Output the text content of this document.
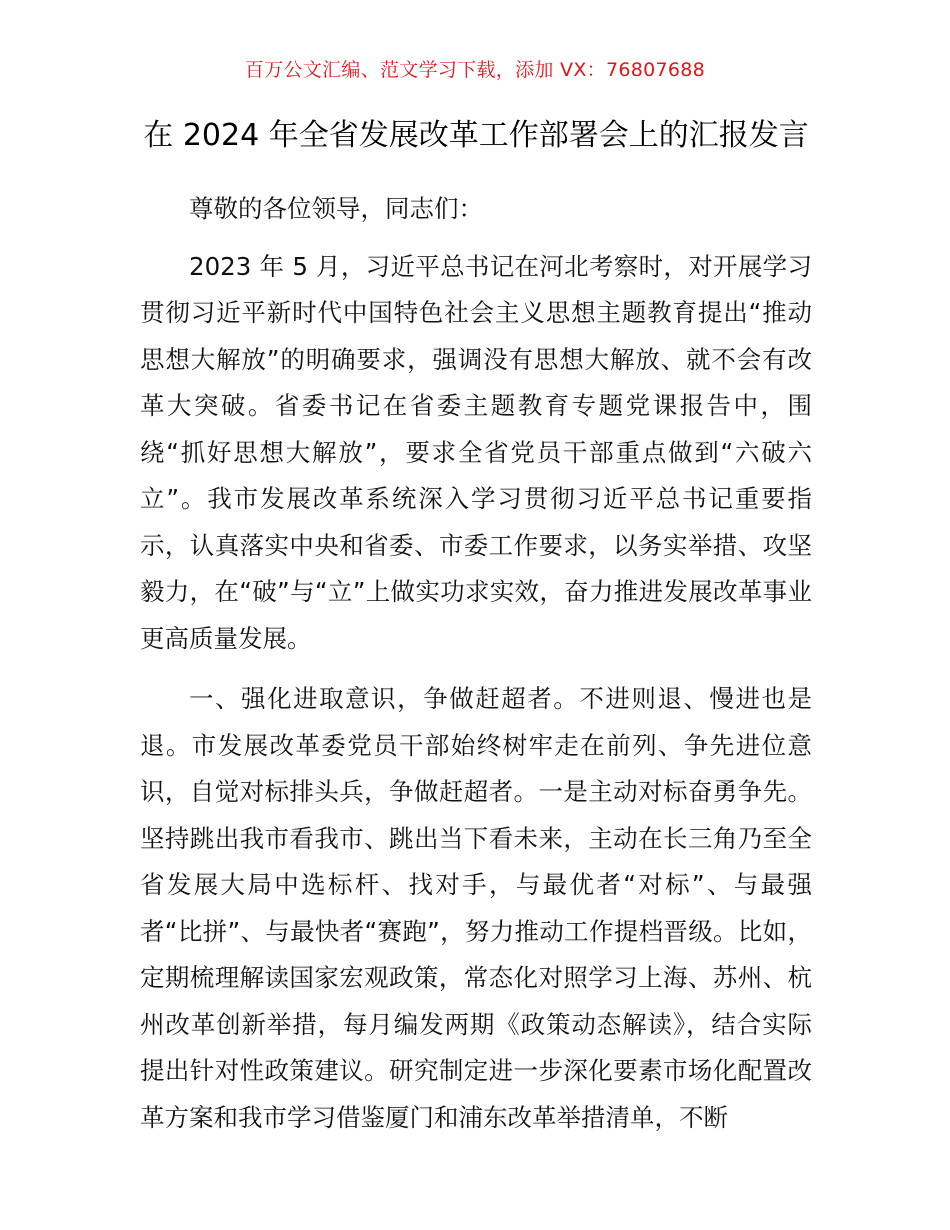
百万公文汇编、范文学习下载，添加 VX：76807688
在 2024 年全省发展改革工作部署会上的汇报发言

尊敬的各位领导，同志们：

2023 年 5 月，习近平总书记在河北考察时，对开展学习贯彻习近平新时代中国特色社会主义思想主题教育提出“推动思想大解放”的明确要求，强调没有思想大解放、就不会有改革大突破。省委书记在省委主题教育专题党课报告中，围绕“抓好思想大解放”，要求全省党员干部重点做到“六破六立”。我市发展改革系统深入学习贯彻习近平总书记重要指示，认真落实中央和省委、市委工作要求，以务实举措、攻坚毅力，在“破”与“立”上做实功求实效，奋力推进发展改革事业更高质量发展。

一、强化进取意识，争做赶超者。不进则退、慢进也是退。市发展改革委党员干部始终树牢走在前列、争先进位意识，自觉对标排头兵，争做赶超者。一是主动对标奋勇争先。坚持跳出我市看我市、跳出当下看未来，主动在长三角乃至全省发展大局中选标杆、找对手，与最优者“对标”、与最强者“比拼”、与最快者“赛跑”，努力推动工作提档晋级。比如，定期梳理解读国家宏观政策，常态化对照学习上海、苏州、杭州改革创新举措，每月编发两期《政策动态解读》，结合实际提出针对性政策建议。研究制定进一步深化要素市场化配置改革方案和我市学习借鉴厦门和浦东改革举措清单，不断
